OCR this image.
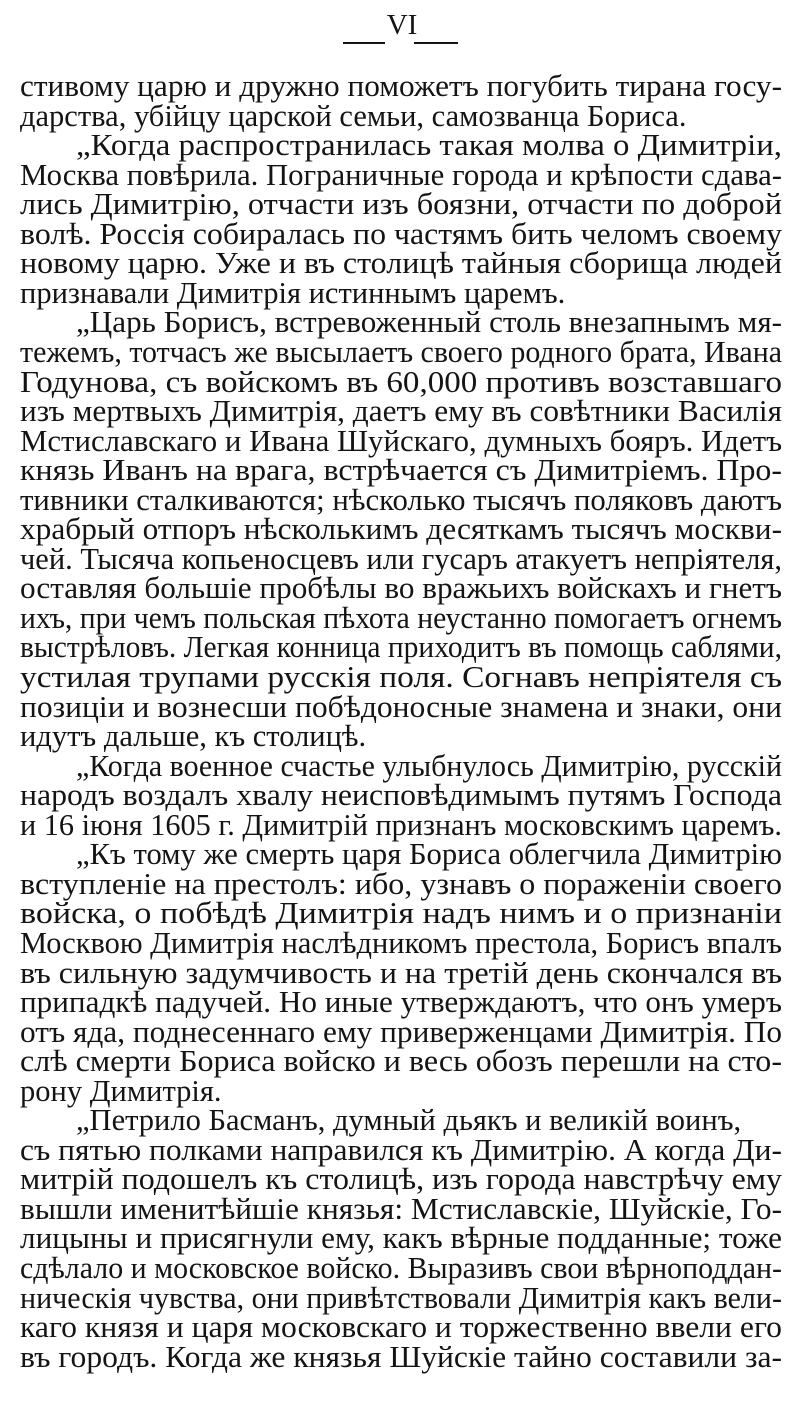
VI
стивому царю и дружно поможетъ погубить тирана госу-
дарства, убійцу царской семьи, самозванца Бориса.
„Когда распространилась такая молва о Димитріи,
Москва повѣрила. Пограничные города и крѣпости сдава-
лись Димитрію, отчасти изъ боязни, отчасти по доброй
волѣ. Россія собиралась по частямъ бить челомъ своему
новому царю. Уже и въ столицѣ тайныя сборища людей
признавали Димитрія истиннымъ царемъ.
„Царь Борисъ, встревоженный столь внезапнымъ мя-
тежемъ, тотчасъ же высылаетъ своего родного брата, Ивана
Годунова, съ войскомъ въ 60,000 противъ возставшаго
изъ мертвыхъ Димитрія, даетъ ему въ совѣтники Василія
Мстиславскаго и Ивана Шуйскаго, думныхъ бояръ. Идетъ
князь Иванъ на врага, встрѣчается съ Димитріемъ. Про-
тивники сталкиваются; нѣсколько тысячъ поляковъ даютъ
храбрый отпоръ нѣсколькимъ десяткамъ тысячъ москви-
чей. Тысяча копьеносцевъ или гусаръ атакуетъ непріятеля,
оставляя большіе пробѣлы во вражьихъ войскахъ и гнетъ
ихъ, при чемъ польская пѣхота неустанно помогаетъ огнемъ
выстрѣловъ. Легкая конница приходитъ въ помощь саблями,
устилая трупами русскія поля. Согнавъ непріятеля съ
позиціи и вознесши побѣдоносные знамена и знаки, они
идутъ дальше, къ столицѣ.
„Когда военное счастье улыбнулось Димитрію, русскій
народъ воздалъ хвалу неисповѣдимымъ путямъ Господа
и 16 іюня 1605 г. Димитрій признанъ московскимъ царемъ.
„Къ тому же смерть царя Бориса облегчила Димитрію
вступленіе на престолъ: ибо, узнавъ о пораженіи своего
войска, о побѣдѣ Димитрія надъ нимъ и о признаніи
Москвою Димитрія наслѣдникомъ престола, Борисъ впалъ
въ сильную задумчивость и на третій день скончался въ
припадкѣ падучей. Но иные утверждаютъ, что онъ умеръ
отъ яда, поднесеннаго ему приверженцами Димитрія. По
слѣ смерти Бориса войско и весь обозъ перешли на сто-
рону Димитрія.
„Петрило Басманъ, думный дьякъ и великій воинъ,
съ пятью полками направился къ Димитрію. А когда Ди-
митрій подошелъ къ столицѣ, изъ города навстрѣчу ему
вышли именитѣйшіе князья: Мстиславскіе, Шуйскіе, Го-
лицыны и присягнули ему, какъ вѣрные подданные; тоже
сдѣлало и московское войско. Выразивъ свои вѣрноподдан-
ническія чувства, они привѣтствовали Димитрія какъ вели-
каго князя и царя московскаго и торжественно ввели его
въ городъ. Когда же князья Шуйскіе тайно составили за-
